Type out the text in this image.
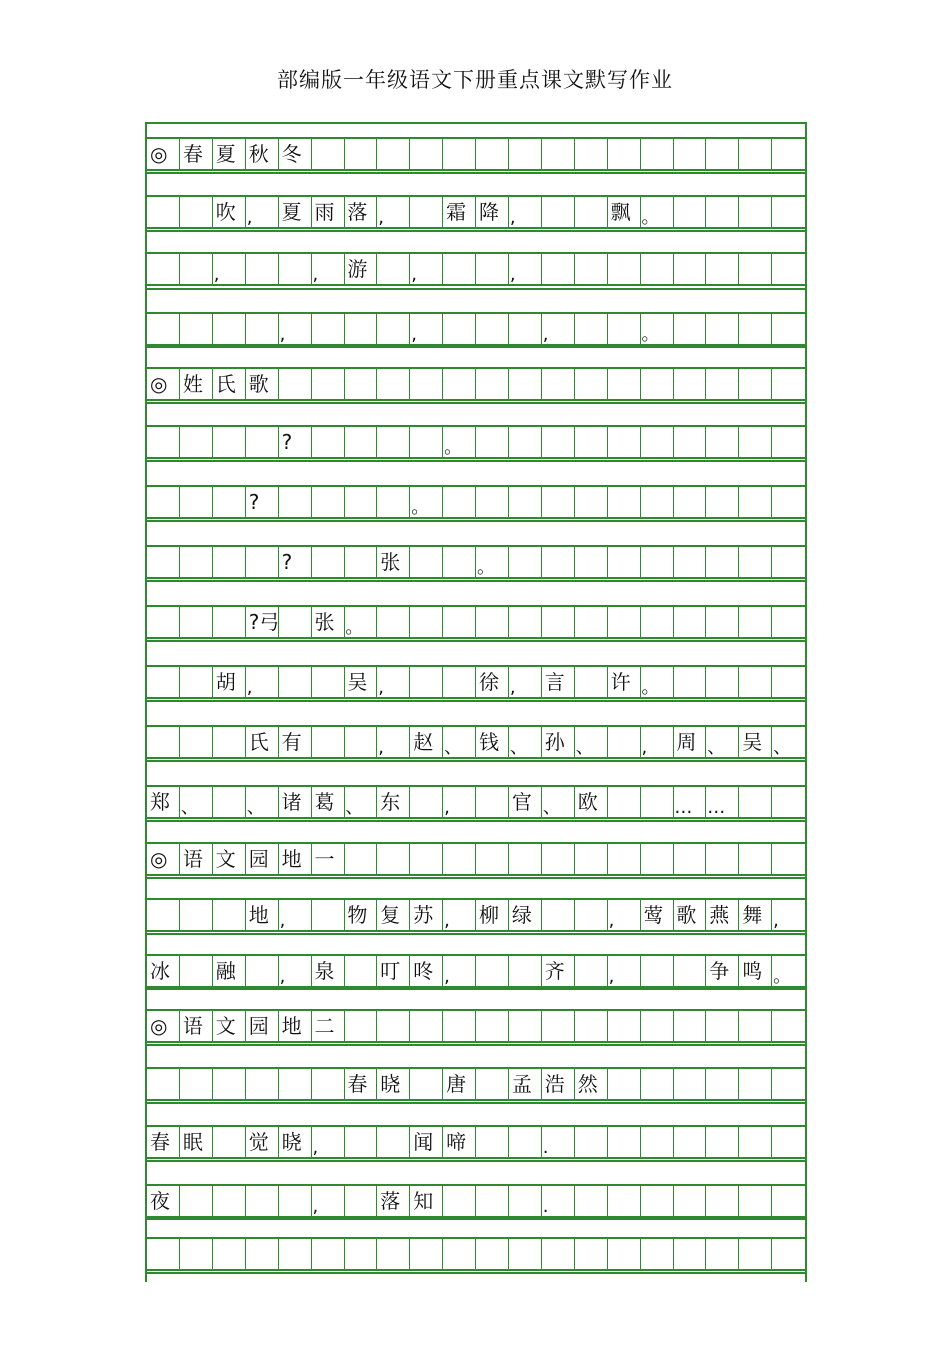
部编版一年级语文下册重点课文默写作业
◎ 春 夏 秋 冬
吹 , 夏 雨 落 ,	霜 降 ,	飘 。
,	, 游 ,	,
,	,	,	。
◎ 姓 氏 歌
?	。
?	。
?	张	。
?弓 张 。
胡 ,	吴 ,	徐 , 言 许 。
氏 有	, 赵 、 钱 、 孙 、	, 周 、 吴 、
郑 、	、 诸 葛 、 东 ,	官 、 欧	… …
◎ 语 文 园 地 一
地 ,	物 复 苏 , 柳 绿	, 莺 歌 燕 舞 ,
冰 融 , 泉 叮 咚 ,	齐 ,	争 鸣 。
◎ 语 文 园 地 二
春 晓 唐 孟 浩 然
春 眠 觉 晓 ,	闻 啼	.
夜	,	落 知	.
